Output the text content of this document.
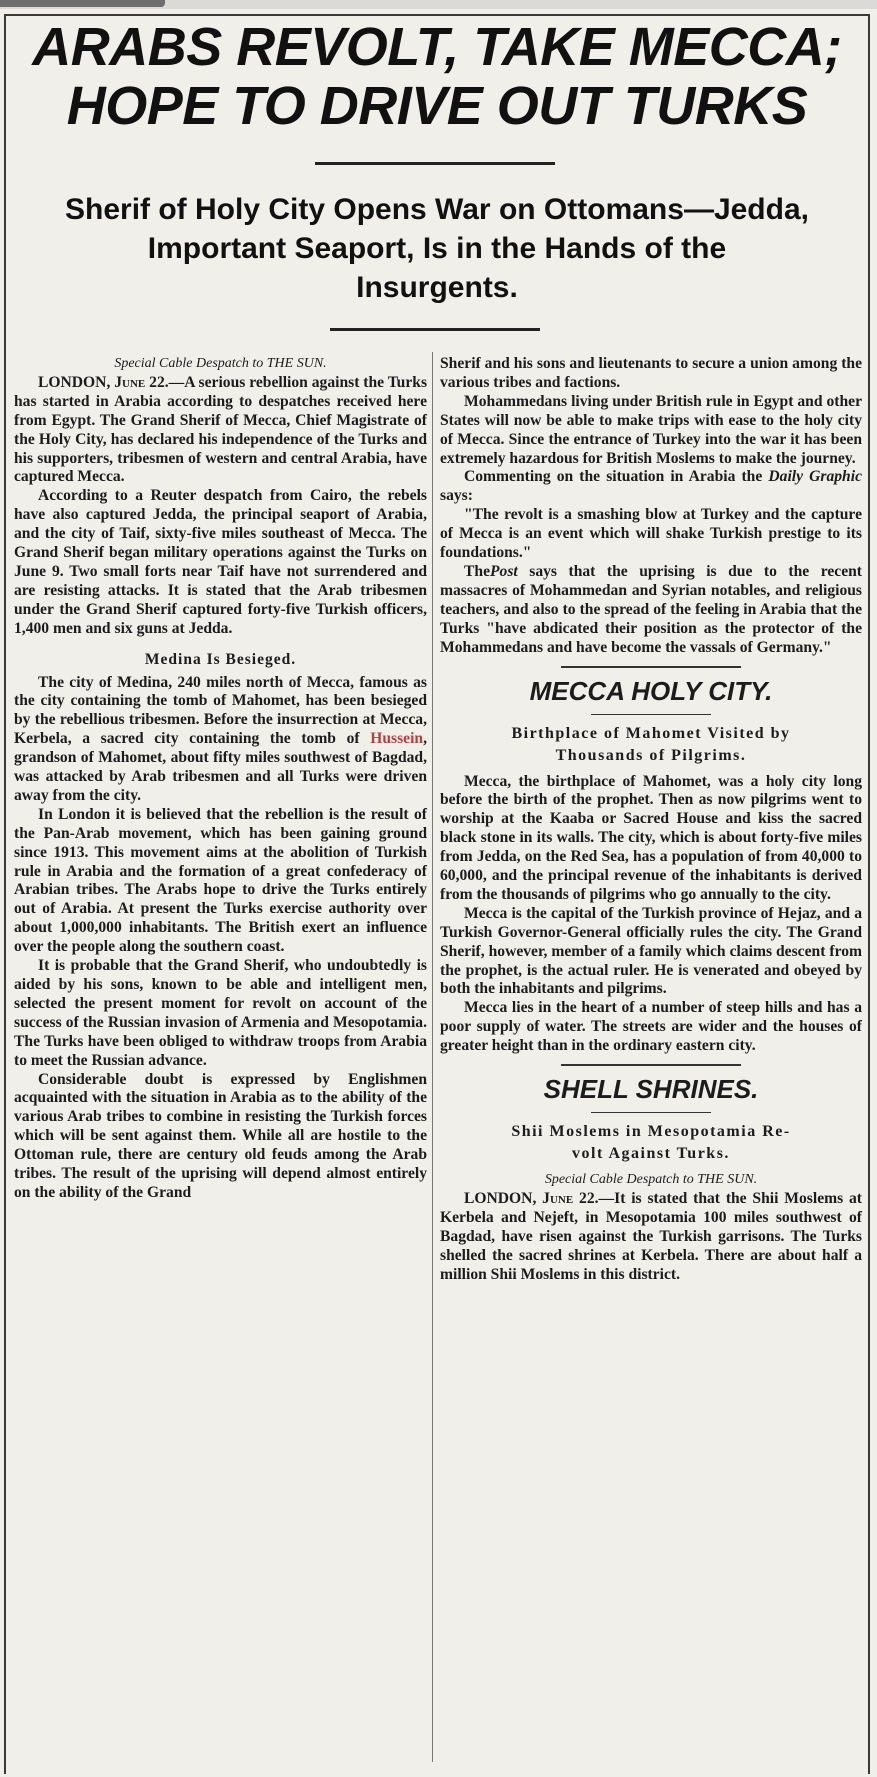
ARABS REVOLT, TAKE MECCA;
HOPE TO DRIVE OUT TURKS
Sherif of Holy City Opens War on Ottomans—Jedda,
Important Seaport, Is in the Hands of the
Insurgents.

Special Cable Despatch to THE SUN.

LONDON, June 22.—A serious rebellion against the Turks has started in Arabia according to despatches received here from Egypt. The Grand Sherif of Mecca, Chief Magistrate of the Holy City, has declared his independence of the Turks and his supporters, tribesmen of western and central Arabia, have captured Mecca.

According to a Reuter despatch from Cairo, the rebels have also captured Jedda, the principal seaport of Arabia, and the city of Taif, sixty-five miles southeast of Mecca. The Grand Sherif began military operations against the Turks on June 9. Two small forts near Taif have not surrendered and are resisting attacks. It is stated that the Arab tribesmen under the Grand Sherif captured forty-five Turkish officers, 1,400 men and six guns at Jedda.

Medina Is Besieged.

The city of Medina, 240 miles north of Mecca, famous as the city containing the tomb of Mahomet, has been besieged by the rebellious tribesmen. Before the insurrection at Mecca, Kerbela, a sacred city containing the tomb of Hussein, grandson of Mahomet, about fifty miles southwest of Bagdad, was attacked by Arab tribesmen and all Turks were driven away from the city.

In London it is believed that the rebellion is the result of the Pan-Arab movement, which has been gaining ground since 1913. This movement aims at the abolition of Turkish rule in Arabia and the formation of a great confederacy of Arabian tribes. The Arabs hope to drive the Turks entirely out of Arabia. At present the Turks exercise authority over about 1,000,000 inhabitants. The British exert an influence over the people along the southern coast.

It is probable that the Grand Sherif, who undoubtedly is aided by his sons, known to be able and intelligent men, selected the present moment for revolt on account of the success of the Russian invasion of Armenia and Mesopotamia. The Turks have been obliged to withdraw troops from Arabia to meet the Russian advance.

Considerable doubt is expressed by Englishmen acquainted with the situation in Arabia as to the ability of the various Arab tribes to combine in resisting the Turkish forces which will be sent against them. While all are hostile to the Ottoman rule, there are century old feuds among the Arab tribes. The result of the uprising will depend almost entirely on the ability of the Grand

Sherif and his sons and lieutenants to secure a union among the various tribes and factions.

Mohammedans living under British rule in Egypt and other States will now be able to make trips with ease to the holy city of Mecca. Since the entrance of Turkey into the war it has been extremely hazardous for British Moslems to make the journey.

Commenting on the situation in Arabia the Daily Graphic says:

"The revolt is a smashing blow at Turkey and the capture of Mecca is an event which will shake Turkish prestige to its foundations."

ThePost says that the uprising is due to the recent massacres of Mohammedan and Syrian notables, and religious teachers, and also to the spread of the feeling in Arabia that the Turks "have abdicated their position as the protector of the Mohammedans and have become the vassals of Germany."

MECCA HOLY CITY.

Birthplace of Mahomet Visited by
Thousands of Pilgrims.

Mecca, the birthplace of Mahomet, was a holy city long before the birth of the prophet. Then as now pilgrims went to worship at the Kaaba or Sacred House and kiss the sacred black stone in its walls. The city, which is about forty-five miles from Jedda, on the Red Sea, has a population of from 40,000 to 60,000, and the principal revenue of the inhabitants is derived from the thousands of pilgrims who go annually to the city.

Mecca is the capital of the Turkish province of Hejaz, and a Turkish Governor-General officially rules the city. The Grand Sherif, however, member of a family which claims descent from the prophet, is the actual ruler. He is venerated and obeyed by both the inhabitants and pilgrims.

Mecca lies in the heart of a number of steep hills and has a poor supply of water. The streets are wider and the houses of greater height than in the ordinary eastern city.

SHELL SHRINES.

Shii Moslems in Mesopotamia Re-
volt Against Turks.

Special Cable Despatch to THE SUN.

LONDON, June 22.—It is stated that the Shii Moslems at Kerbela and Nejeft, in Mesopotamia 100 miles southwest of Bagdad, have risen against the Turkish garrisons. The Turks shelled the sacred shrines at Kerbela. There are about half a million Shii Moslems in this district.
